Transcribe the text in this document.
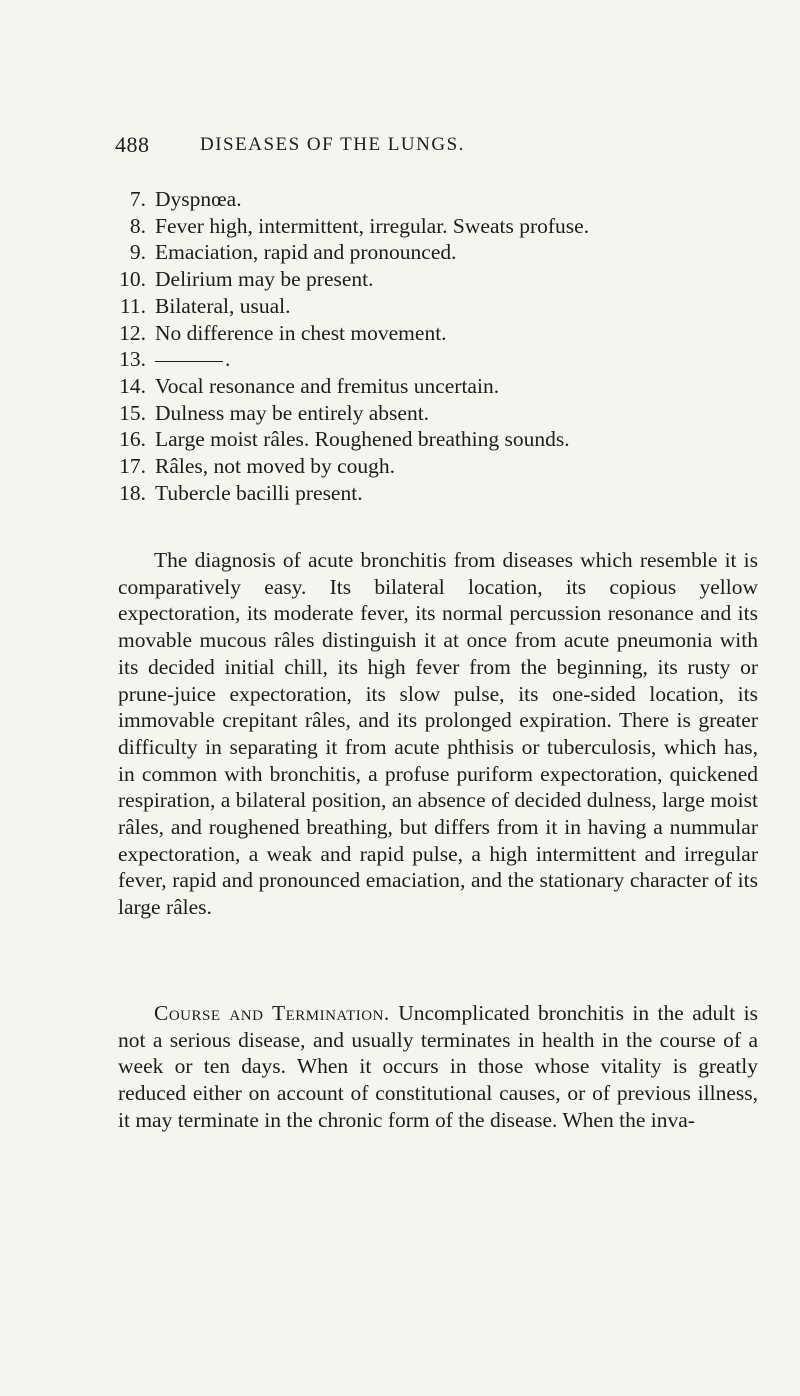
488	DISEASES OF THE LUNGS.
7. Dyspnœa.
8. Fever high, intermittent, irregular. Sweats profuse.
9. Emaciation, rapid and pronounced.
10. Delirium may be present.
11. Bilateral, usual.
12. No difference in chest movement.
13.	.
14. Vocal resonance and fremitus uncertain.
15. Dulness may be entirely absent.
16. Large moist râles. Roughened breathing sounds.
17. Râles, not moved by cough.
18. Tubercle bacilli present.

The diagnosis of acute bronchitis from diseases which resemble it is comparatively easy. Its bilateral location, its copious yellow expectoration, its moderate fever, its normal percussion resonance and its movable mucous râles distinguish it at once from acute pneumonia with its decided initial chill, its high fever from the beginning, its rusty or prune-juice expectoration, its slow pulse, its one-sided location, its immovable crepitant râles, and its prolonged expiration. There is greater difficulty in separating it from acute phthisis or tuberculosis, which has, in common with bronchitis, a profuse puriform expectoration, quickened respiration, a bilateral position, an absence of decided dulness, large moist râles, and roughened breathing, but differs from it in having a nummular expectoration, a weak and rapid pulse, a high intermittent and irregular fever, rapid and pronounced emaciation, and the stationary character of its large râles.

Course and Termination. Uncomplicated bronchitis in the adult is not a serious disease, and usually terminates in health in the course of a week or ten days. When it occurs in those whose vitality is greatly reduced either on account of constitutional causes, or of previous illness, it may terminate in the chronic form of the disease. When the inva-
